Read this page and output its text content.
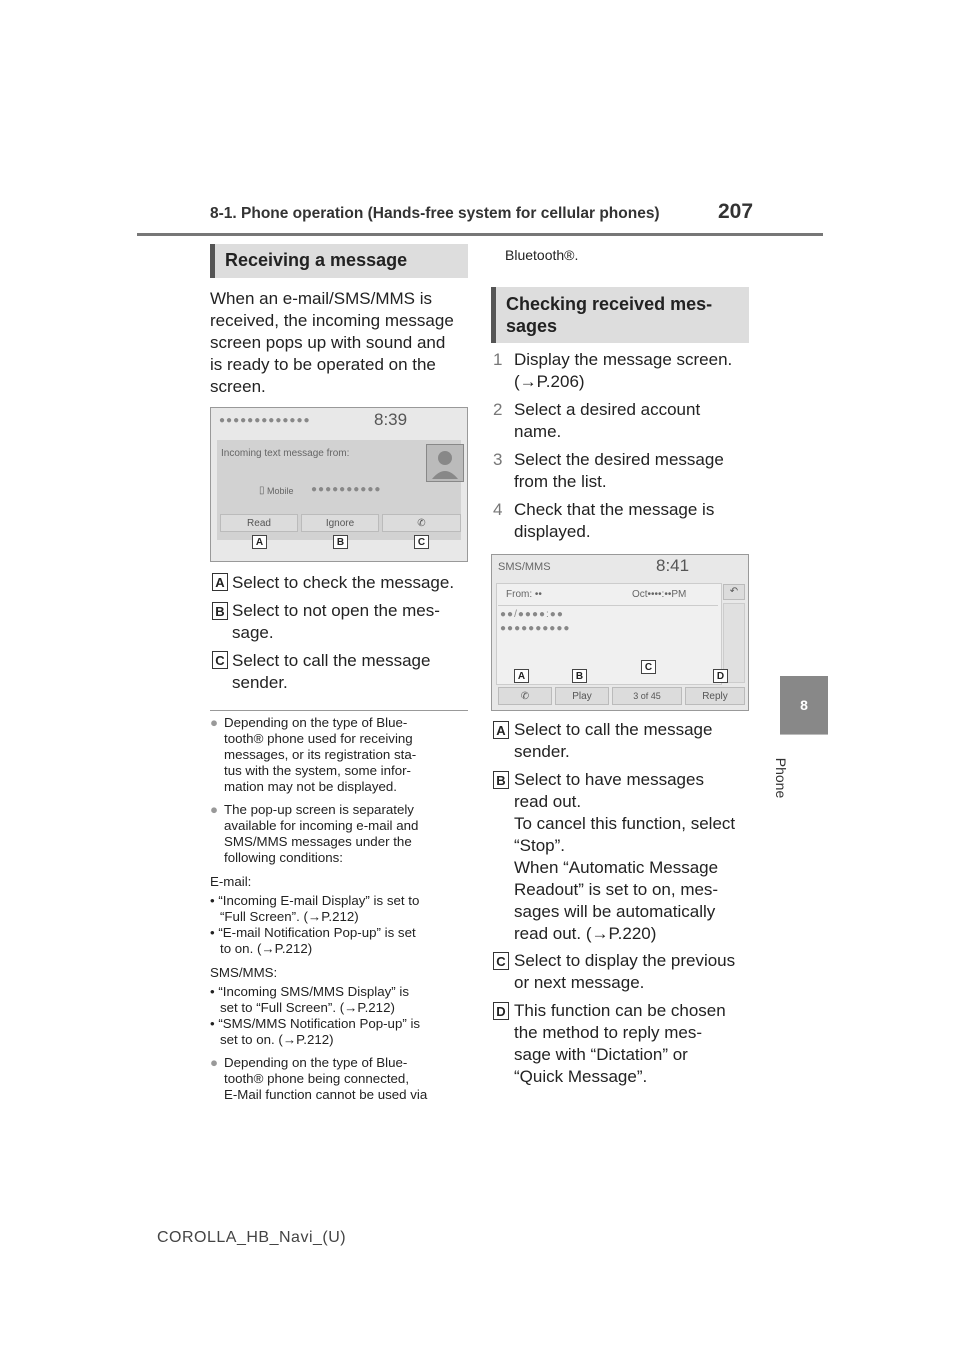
8-1. Phone operation (Hands-free system for cellular phones)	207
8
Phone
Receiving a message
When an e-mail/SMS/MMS is
received, the incoming message
screen pops up with sound and
is ready to be operated on the
screen.
●●●●●●●●●●●●●	8:39
Incoming text message from:
▯ Mobile ●●●●●●●●●●
Read	Ignore	✆
A	B	C
A Select to check the message.
B Select to not open the mes-
sage.
C Select to call the message
sender.
● Depending on the type of Blue-
tooth® phone used for receiving
messages, or its registration sta-
tus with the system, some infor-
mation may not be displayed.
● The pop-up screen is separately
available for incoming e-mail and
SMS/MMS messages under the
following conditions:
E-mail:
• “Incoming E-mail Display” is set to
“Full Screen”. (→P.212)
• “E-mail Notification Pop-up” is set
to on. (→P.212)
SMS/MMS:
• “Incoming SMS/MMS Display” is
set to “Full Screen”. (→P.212)
• “SMS/MMS Notification Pop-up” is
set to on. (→P.212)
● Depending on the type of Blue-
tooth® phone being connected,
E-Mail function cannot be used via
Bluetooth®.
Checking received mes-
sages
1 Display the message screen.
(→P.206)
2 Select a desired account
name.
3 Select the desired message
from the list.
4 Check that the message is
displayed.
SMS/MMS	8:41
From: ••	Oct••••:••PM
●●/●●●●:●●
●●●●●●●●●●
↶
A	B
C
D
✆	Play	3 of 45	Reply
A Select to call the message
sender.
B Select to have messages
read out.
To cancel this function, select
“Stop”.
When “Automatic Message
Readout” is set to on, mes-
sages will be automatically
read out. (→P.220)
C Select to display the previous
or next message.
D This function can be chosen
the method to reply mes-
sage with “Dictation” or
“Quick Message”.
COROLLA_HB_Navi_(U)
